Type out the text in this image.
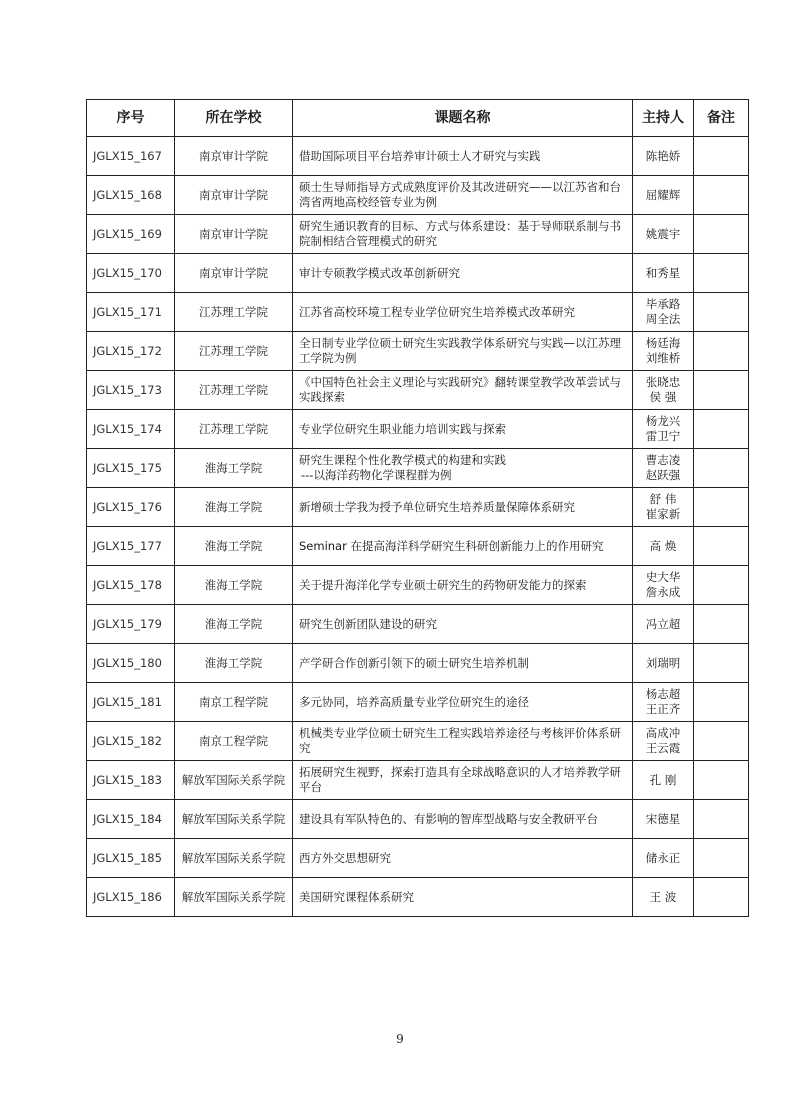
序号	所在学校	课题名称	主持人	备注
JGLX15_167	南京审计学院	借助国际项目平台培养审计硕士人才研究与实践	陈艳娇	

JGLX15_168	南京审计学院	硕士生导师指导方式成熟度评价及其改进研究——以江苏省和台湾省两地高校经管专业为例	屈耀辉	

JGLX15_169	南京审计学院	研究生通识教育的目标、方式与体系建设：基于导师联系制与书院制相结合管理模式的研究	姚震宇	

JGLX15_170	南京审计学院	审计专硕教学模式改革创新研究	和秀星	

JGLX15_171	江苏理工学院	江苏省高校环境工程专业学位研究生培养模式改革研究	毕承路
周全法	

JGLX15_172	江苏理工学院	全日制专业学位硕士研究生实践教学体系研究与实践—以江苏理工学院为例	杨廷海
刘维桥	

JGLX15_173	江苏理工学院	《中国特色社会主义理论与实践研究》翻转课堂教学改革尝试与实践探索	张晓忠
侯 强	

JGLX15_174	江苏理工学院	专业学位研究生职业能力培训实践与探索	杨龙兴
雷卫宁	

JGLX15_175	淮海工学院	研究生课程个性化教学模式的构建和实践
---以海洋药物化学课程群为例	曹志凌
赵跃强	

JGLX15_176	淮海工学院	新增硕士学我为授予单位研究生培养质量保障体系研究	舒 伟
崔家新	

JGLX15_177	淮海工学院	Seminar 在提高海洋科学研究生科研创新能力上的作用研究	高 焕	

JGLX15_178	淮海工学院	关于提升海洋化学专业硕士研究生的药物研发能力的探索	史大华
詹永成	

JGLX15_179	淮海工学院	研究生创新团队建设的研究	冯立超	

JGLX15_180	淮海工学院	产学研合作创新引领下的硕士研究生培养机制	刘瑞明	

JGLX15_181	南京工程学院	多元协同，培养高质量专业学位研究生的途径	杨志超
王正齐	

JGLX15_182	南京工程学院	机械类专业学位硕士研究生工程实践培养途径与考核评价体系研究	高成冲
王云霞	

JGLX15_183	解放军国际关系学院	拓展研究生视野，探索打造具有全球战略意识的人才培养教学研平台	孔 刚	

JGLX15_184	解放军国际关系学院	建设具有军队特色的、有影响的智库型战略与安全教研平台	宋德星	

JGLX15_185	解放军国际关系学院	西方外交思想研究	储永正	

JGLX15_186	解放军国际关系学院	美国研究课程体系研究	王 波	

9
